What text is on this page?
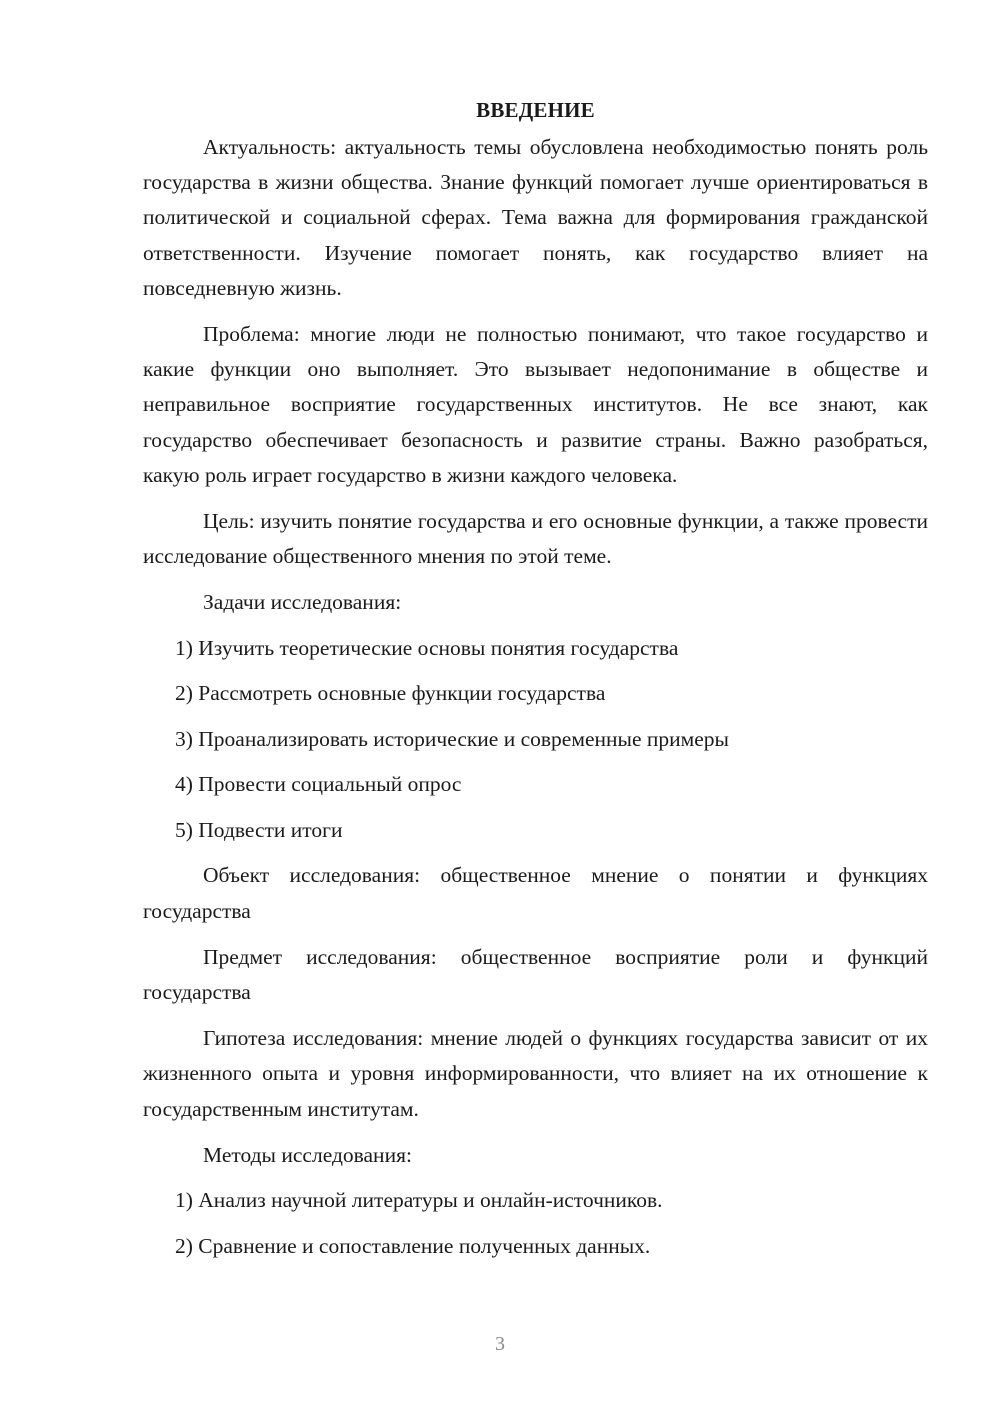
ВВЕДЕНИЕ

Актуальность: актуальность темы обусловлена необходимостью понять роль государства в жизни общества. Знание функций помогает лучше ориентироваться в политической и социальной сферах. Тема важна для формирования гражданской ответственности. Изучение помогает понять, как государство влияет на повседневную жизнь.

Проблема: многие люди не полностью понимают, что такое государство и какие функции оно выполняет. Это вызывает недопонимание в обществе и неправильное восприятие государственных институтов. Не все знают, как государство обеспечивает безопасность и развитие страны. Важно разобраться, какую роль играет государство в жизни каждого человека.

Цель: изучить понятие государства и его основные функции, а также провести исследование общественного мнения по этой теме.

Задачи исследования:
1) Изучить теоретические основы понятия государства
2) Рассмотреть основные функции государства
3) Проанализировать исторические и современные примеры
4) Провести социальный опрос
5) Подвести итоги

Объект исследования: общественное мнение о понятии и функциях государства

Предмет исследования: общественное восприятие роли и функций государства

Гипотеза исследования: мнение людей о функциях государства зависит от их жизненного опыта и уровня информированности, что влияет на их отношение к государственным институтам.

Методы исследования:
1) Анализ научной литературы и онлайн-источников.
2) Сравнение и сопоставление полученных данных.
3
